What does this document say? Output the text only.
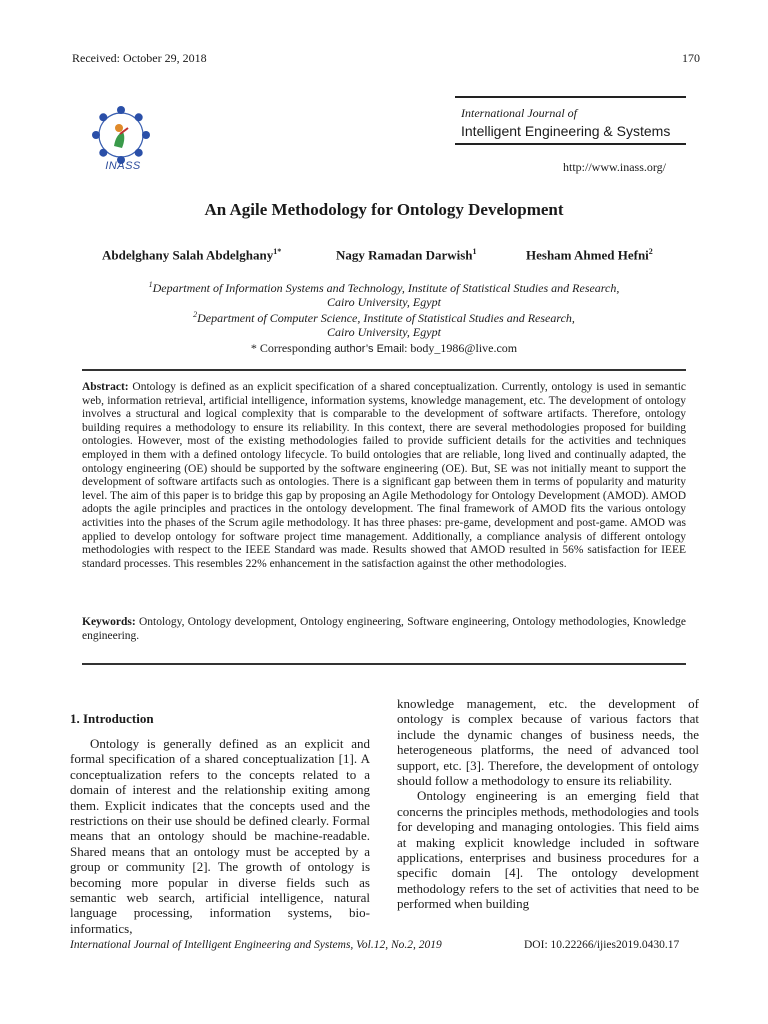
Received: October 29, 2018	170
INASS
International Journal of
Intelligent Engineering & Systems
http://www.inass.org/
An Agile Methodology for Ontology Development
Abdelghany Salah Abdelghany$^{1*}$	Nagy Ramadan Darwish$^1$	Hesham Ahmed Hefni$^2$
$^1$Department of Information Systems and Technology, Institute of Statistical Studies and Research,
Cairo University, Egypt
$^2$Department of Computer Science, Institute of Statistical Studies and Research,
Cairo University, Egypt
* Corresponding author’s Email: body_1986@live.com
Abstract: Ontology is defined as an explicit specification of a shared conceptualization. Currently, ontology is used in semantic web, information retrieval, artificial intelligence, information systems, knowledge management, etc. The development of ontology involves a structural and logical complexity that is comparable to the development of software artifacts. Therefore, ontology building requires a methodology to ensure its reliability. In this context, there are several methodologies proposed for building ontologies. However, most of the existing methodologies failed to provide sufficient details for the activities and techniques employed in them with a defined ontology lifecycle. To build ontologies that are reliable, long lived and continually adapted, the ontology engineering (OE) should be supported by the software engineering (OE). But, SE was not initially meant to support the development of software artifacts such as ontologies. There is a significant gap between them in terms of popularity and maturity level. The aim of this paper is to bridge this gap by proposing an Agile Methodology for Ontology Development (AMOD). AMOD adopts the agile principles and practices in the ontology development. The final framework of AMOD fits the various ontology activities into the phases of the Scrum agile methodology. It has three phases: pre-game, development and post-game. AMOD was applied to develop ontology for software project time management. Additionally, a compliance analysis of different ontology methodologies with respect to the IEEE Standard was made. Results showed that AMOD resulted in 56% satisfaction for IEEE standard processes. This resembles 22% enhancement in the satisfaction against the other methodologies.
Keywords: Ontology, Ontology development, Ontology engineering, Software engineering, Ontology methodologies, Knowledge engineering.
1. Introduction

Ontology is generally defined as an explicit and formal specification of a shared conceptualization [1]. A conceptualization refers to the concepts related to a domain of interest and the relationship exiting among them. Explicit indicates that the concepts used and the restrictions on their use should be defined clearly. Formal means that an ontology should be machine-readable. Shared means that an ontology must be accepted by a group or community [2]. The growth of ontology is becoming more popular in diverse fields such as semantic web search, artificial intelligence, natural language processing, information systems, bio-informatics,

knowledge management, etc. the development of ontology is complex because of various factors that include the dynamic changes of business needs, the heterogeneous platforms, the need of advanced tool support, etc. [3]. Therefore, the development of ontology should follow a methodology to ensure its reliability.

Ontology engineering is an emerging field that concerns the principles methods, methodologies and tools for developing and managing ontologies. This field aims at making explicit knowledge included in software applications, enterprises and business procedures for a specific domain [4]. The ontology development methodology refers to the set of activities that need to be performed when building

International Journal of Intelligent Engineering and Systems, Vol.12, No.2, 2019	DOI: 10.22266/ijies2019.0430.17
